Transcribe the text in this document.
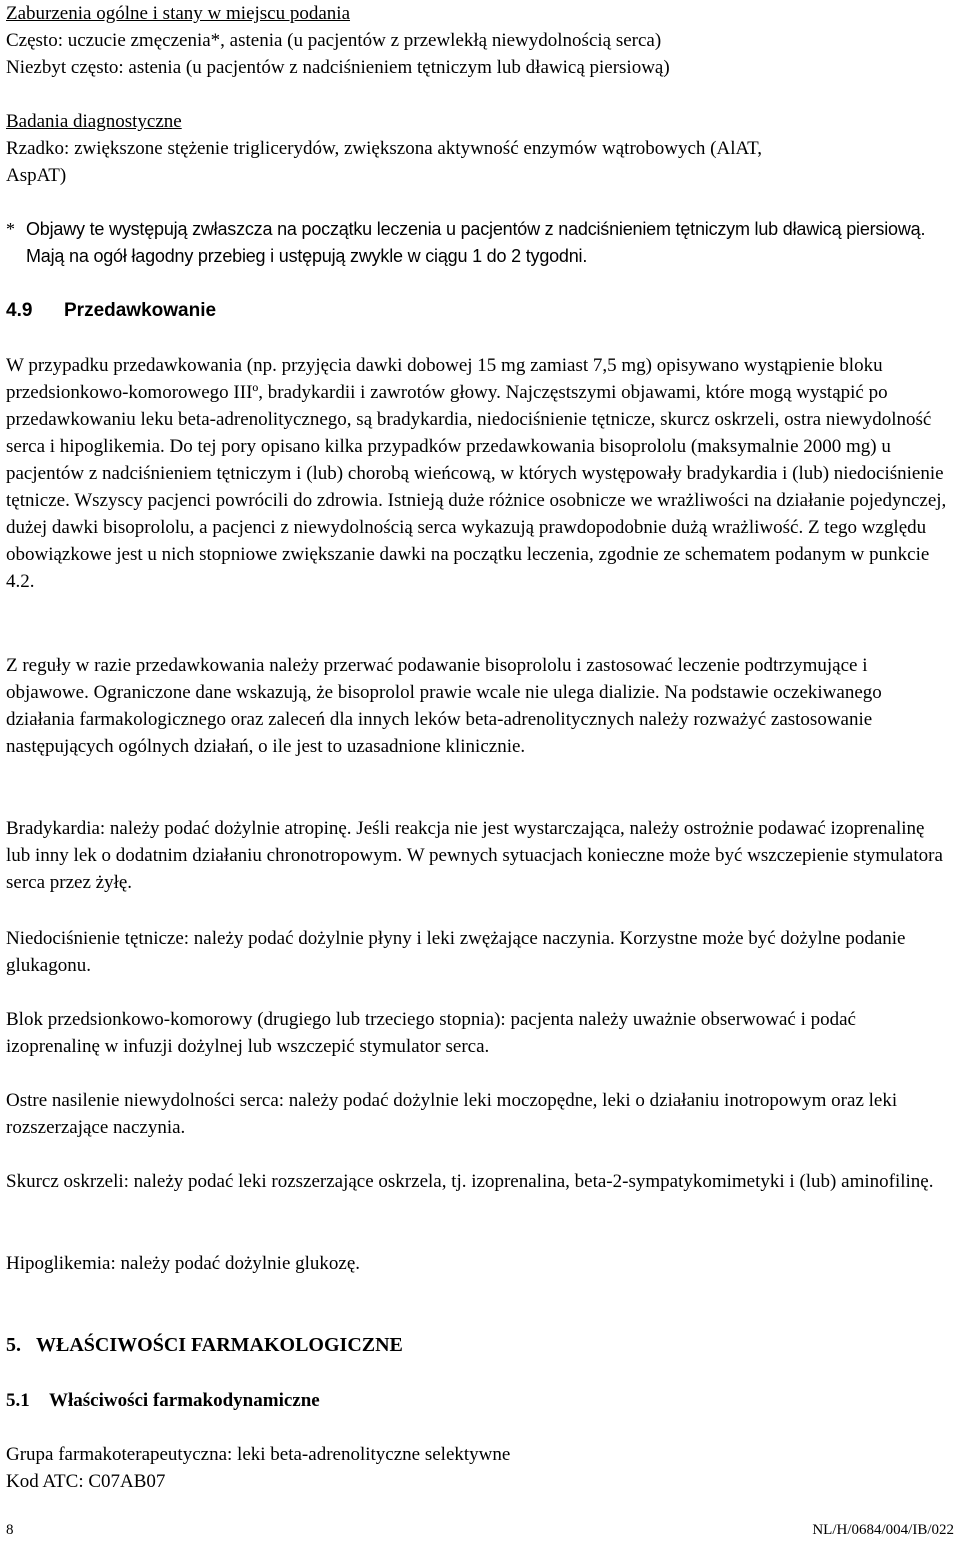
Zaburzenia ogólne i stany w miejscu podania
Często: uczucie zmęczenia*, astenia (u pacjentów z przewlekłą niewydolnością serca)
Niezbyt często: astenia (u pacjentów z nadciśnieniem tętniczym lub dławicą piersiową)
Badania diagnostyczne
Rzadko: zwiększone stężenie triglicerydów, zwiększona aktywność enzymów wątrobowych (AlAT,
AspAT)
* Objawy te występują zwłaszcza na początku leczenia u pacjentów z nadciśnieniem tętniczym lub dławicą piersiową. Mają na ogół łagodny przebieg i ustępują zwykle w ciągu 1 do 2 tygodni.
4.9 Przedawkowanie
W przypadku przedawkowania (np. przyjęcia dawki dobowej 15 mg zamiast 7,5 mg) opisywano wystąpienie bloku przedsionkowo-komorowego IIIº, bradykardii i zawrotów głowy. Najczęstszymi objawami, które mogą wystąpić po przedawkowaniu leku beta-adrenolitycznego, są bradykardia, niedociśnienie tętnicze, skurcz oskrzeli, ostra niewydolność serca i hipoglikemia. Do tej pory opisano kilka przypadków przedawkowania bisoprololu (maksymalnie 2000 mg) u pacjentów z nadciśnieniem tętniczym i (lub) chorobą wieńcową, w których występowały bradykardia i (lub) niedociśnienie tętnicze. Wszyscy pacjenci powrócili do zdrowia. Istnieją duże różnice osobnicze we wrażliwości na działanie pojedynczej, dużej dawki bisoprololu, a pacjenci z niewydolnością serca wykazują prawdopodobnie dużą wrażliwość. Z tego względu obowiązkowe jest u nich stopniowe zwiększanie dawki na początku leczenia, zgodnie ze schematem podanym w punkcie 4.2.
Z reguły w razie przedawkowania należy przerwać podawanie bisoprololu i zastosować leczenie podtrzymujące i objawowe. Ograniczone dane wskazują, że bisoprolol prawie wcale nie ulega dializie. Na podstawie oczekiwanego działania farmakologicznego oraz zaleceń dla innych leków beta-adrenolitycznych należy rozważyć zastosowanie następujących ogólnych działań, o ile jest to uzasadnione klinicznie.
Bradykardia: należy podać dożylnie atropinę. Jeśli reakcja nie jest wystarczająca, należy ostrożnie podawać izoprenalinę lub inny lek o dodatnim działaniu chronotropowym. W pewnych sytuacjach konieczne może być wszczepienie stymulatora serca przez żyłę.
Niedociśnienie tętnicze: należy podać dożylnie płyny i leki zwężające naczynia. Korzystne może być dożylne podanie glukagonu.
Blok przedsionkowo-komorowy (drugiego lub trzeciego stopnia): pacjenta należy uważnie obserwować i podać izoprenalinę w infuzji dożylnej lub wszczepić stymulator serca.
Ostre nasilenie niewydolności serca: należy podać dożylnie leki moczopędne, leki o działaniu inotropowym oraz leki rozszerzające naczynia.
Skurcz oskrzeli: należy podać leki rozszerzające oskrzela, tj. izoprenalina, beta-2-sympatykomimetyki i (lub) aminofilinę.
Hipoglikemia: należy podać dożylnie glukozę.
5. WŁAŚCIWOŚCI FARMAKOLOGICZNE
5.1 Właściwości farmakodynamiczne
Grupa farmakoterapeutyczna: leki beta-adrenolityczne selektywne
Kod ATC: C07AB07
8	NL/H/0684/004/IB/022
